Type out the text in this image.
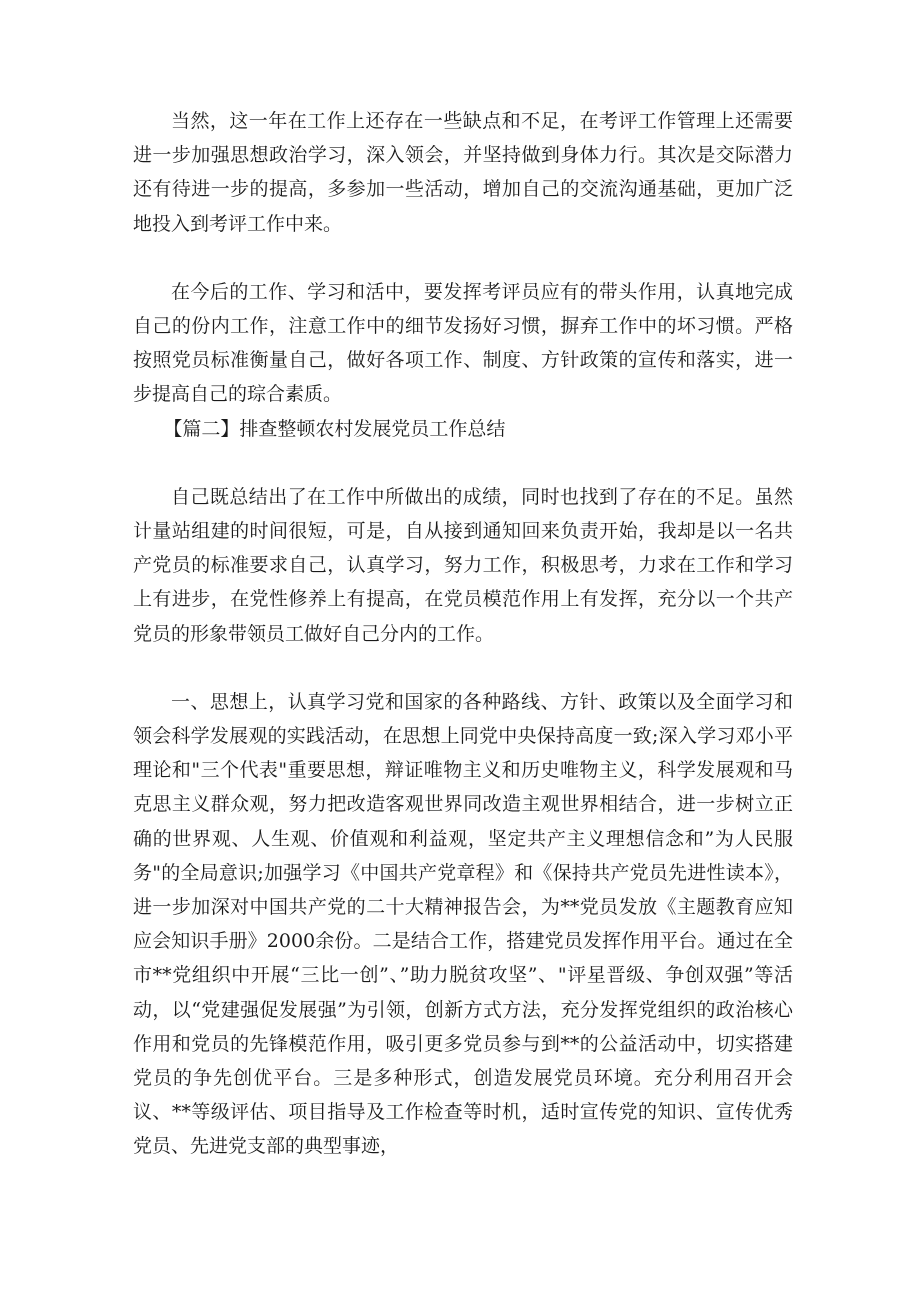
当然，这一年在工作上还存在一些缺点和不足，在考评工作管理上还需要进一步加强思想政治学习，深入领会，并坚持做到身体力行。其次是交际潜力还有待进一步的提高，多参加一些活动，增加自己的交流沟通基础，更加广泛地投入到考评工作中来。

在今后的工作、学习和活中，要发挥考评员应有的带头作用，认真地完成自己的份内工作，注意工作中的细节发扬好习惯，摒弃工作中的坏习惯。严格按照党员标准衡量自己，做好各项工作、制度、方针政策的宣传和落实，进一步提高自己的琮合素质。

【篇二】排查整顿农村发展党员工作总结

自己既总结出了在工作中所做出的成绩，同时也找到了存在的不足。虽然计量站组建的时间很短，可是，自从接到通知回来负责开始，我却是以一名共产党员的标准要求自己，认真学习，努力工作，积极思考，力求在工作和学习上有进步，在党性修养上有提高，在党员模范作用上有发挥，充分以一个共产党员的形象带领员工做好自己分内的工作。

一、思想上，认真学习党和国家的各种路线、方针、政策以及全面学习和领会科学发展观的实践活动，在思想上同党中央保持高度一致;深入学习邓小平理论和"三个代表"重要思想，辩证唯物主义和历史唯物主义，科学发展观和马克思主义群众观，努力把改造客观世界同改造主观世界相结合，进一步树立正确的世界观、人生观、价值观和利益观，坚定共产主义理想信念和”为人民服务"的全局意识;加强学习《中国共产党章程》和《保持共产党员先进性读本》，进一步加深对中国共产党的二十大精神报告会，为**党员发放《主题教育应知应会知识手册》2000余份。二是结合工作，搭建党员发挥作用平台。通过在全市**党组织中开展“三比一创”、”助力脱贫攻坚”、"评星晋级、争创双强”等活动，以“党建强促发展强”为引领，创新方式方法，充分发挥党组织的政治核心作用和党员的先锋模范作用，吸引更多党员参与到**的公益活动中，切实搭建党员的争先创优平台。三是多种形式，创造发展党员环境。充分利用召开会议、**等级评估、项目指导及工作检查等时机，适时宣传党的知识、宣传优秀党员、先进党支部的典型事迹，
